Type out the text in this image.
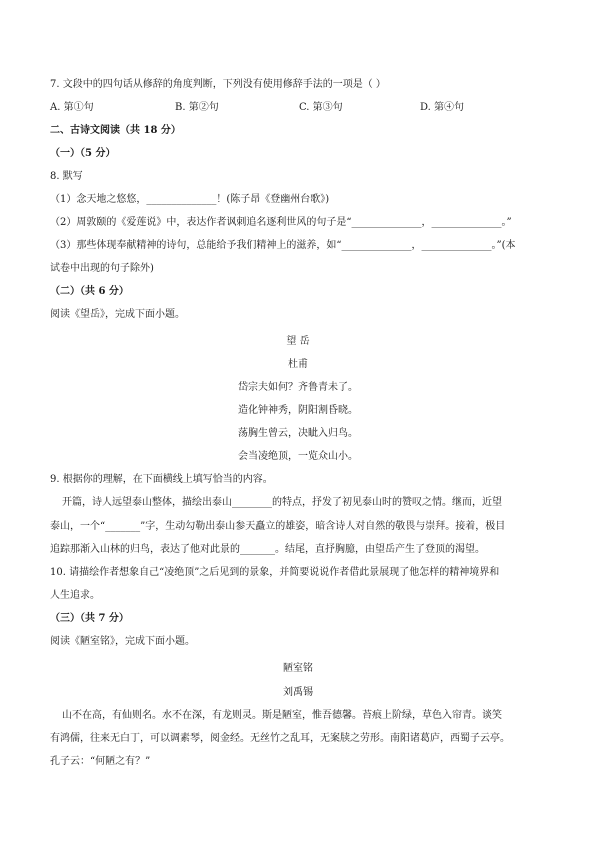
7. 文段中的四句话从修辞的角度判断，下列没有使用修辞手法的一项是（ ）
A. 第①句	B. 第②句	C. 第③句	D. 第④句
二、古诗文阅读（共 18 分）
（一）（5 分）
8. 默写
（1）念天地之悠悠，______________！(陈子昂《登幽州台歌》)
（2）周敦颐的《爱莲说》中，表达作者讽刺追名逐利世风的句子是“______________，______________。”
（3）那些体现奉献精神的诗句，总能给予我们精神上的滋养，如“______________，______________。”(本
试卷中出现的句子除外)
（二）（共 6 分）
阅读《望岳》，完成下面小题。
望 岳
杜甫
岱宗夫如何？齐鲁青未了。
造化钟神秀，阴阳割昏晓。
荡胸生曾云，决眦入归鸟。
会当凌绝顶，一览众山小。
9. 根据你的理解，在下面横线上填写恰当的内容。
开篇，诗人远望泰山整体，描绘出泰山________的特点，抒发了初见泰山时的赞叹之情。继而，近望
泰山，一个“_______”字，生动勾勒出泰山参天矗立的雄姿，暗含诗人对自然的敬畏与崇拜。接着，极目
追踪那渐入山林的归鸟，表达了他对此景的_______。结尾，直抒胸臆，由望岳产生了登顶的渴望。
10. 请描绘作者想象自己“凌绝顶”之后见到的景象，并简要说说作者借此景展现了他怎样的精神境界和
人生追求。
（三）（共 7 分）
阅读《陋室铭》，完成下面小题。
陋室铭
刘禹锡
山不在高，有仙则名。水不在深，有龙则灵。斯是陋室，惟吾德馨。苔痕上阶绿，草色入帘青。谈笑
有鸿儒，往来无白丁，可以调素琴，阅金经。无丝竹之乱耳，无案牍之劳形。南阳诸葛庐，西蜀子云亭。
孔子云：“何陋之有？”
